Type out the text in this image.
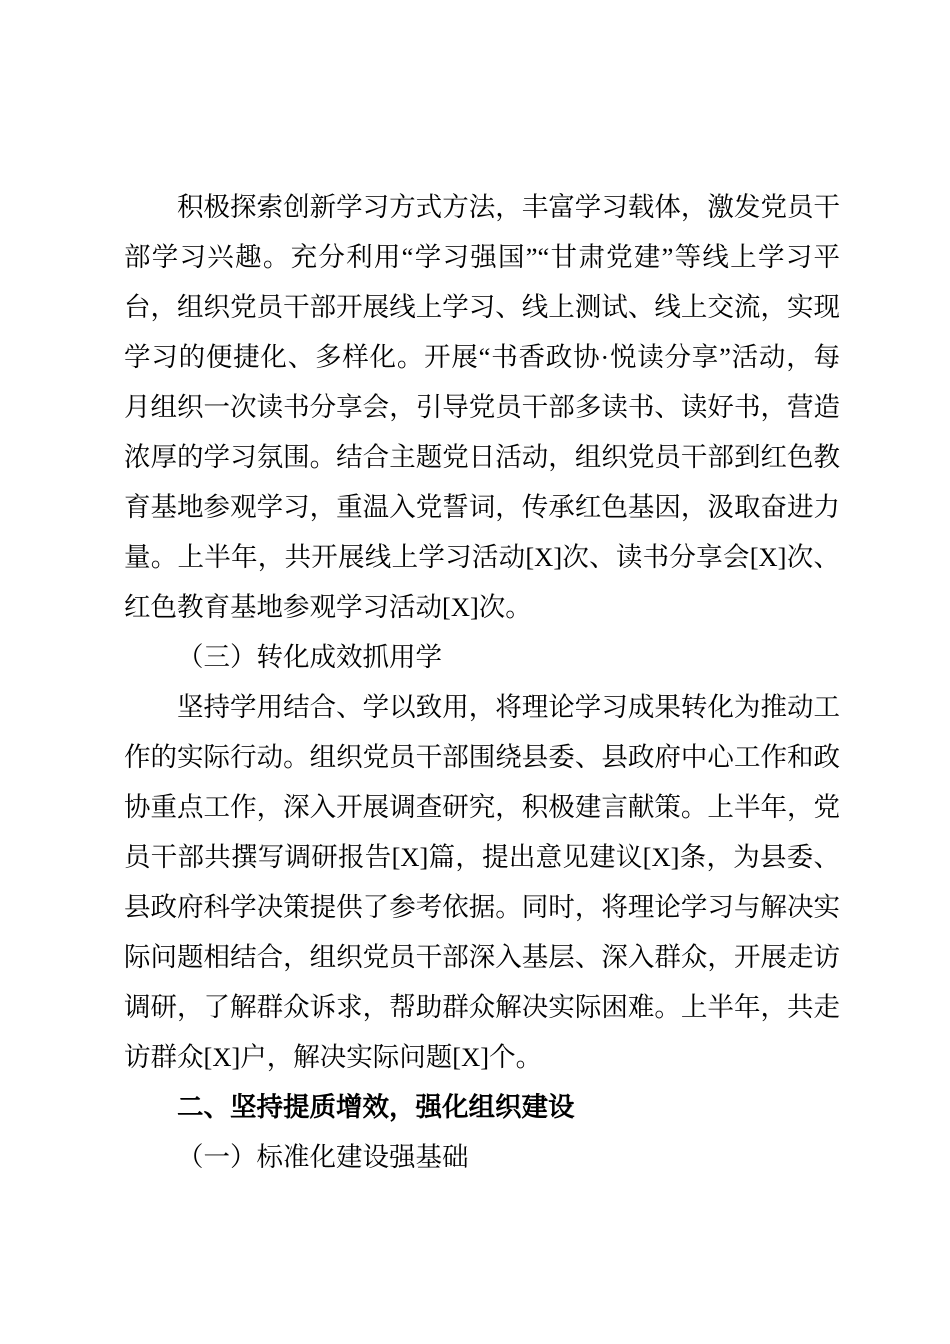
积极探索创新学习方式方法，丰富学习载体，激发党员干部学习兴趣。充分利用“学习强国”“甘肃党建”等线上学习平台，组织党员干部开展线上学习、线上测试、线上交流，实现学习的便捷化、多样化。开展“书香政协·悦读分享”活动，每月组织一次读书分享会，引导党员干部多读书、读好书，营造浓厚的学习氛围。结合主题党日活动，组织党员干部到红色教育基地参观学习，重温入党誓词，传承红色基因，汲取奋进力量。上半年，共开展线上学习活动[X]次、读书分享会[X]次、红色教育基地参观学习活动[X]次。

（三）转化成效抓用学

坚持学用结合、学以致用，将理论学习成果转化为推动工作的实际行动。组织党员干部围绕县委、县政府中心工作和政协重点工作，深入开展调查研究，积极建言献策。上半年，党员干部共撰写调研报告[X]篇，提出意见建议[X]条，为县委、县政府科学决策提供了参考依据。同时，将理论学习与解决实际问题相结合，组织党员干部深入基层、深入群众，开展走访调研，了解群众诉求，帮助群众解决实际困难。上半年，共走访群众[X]户，解决实际问题[X]个。

二、坚持提质增效，强化组织建设

（一）标准化建设强基础
